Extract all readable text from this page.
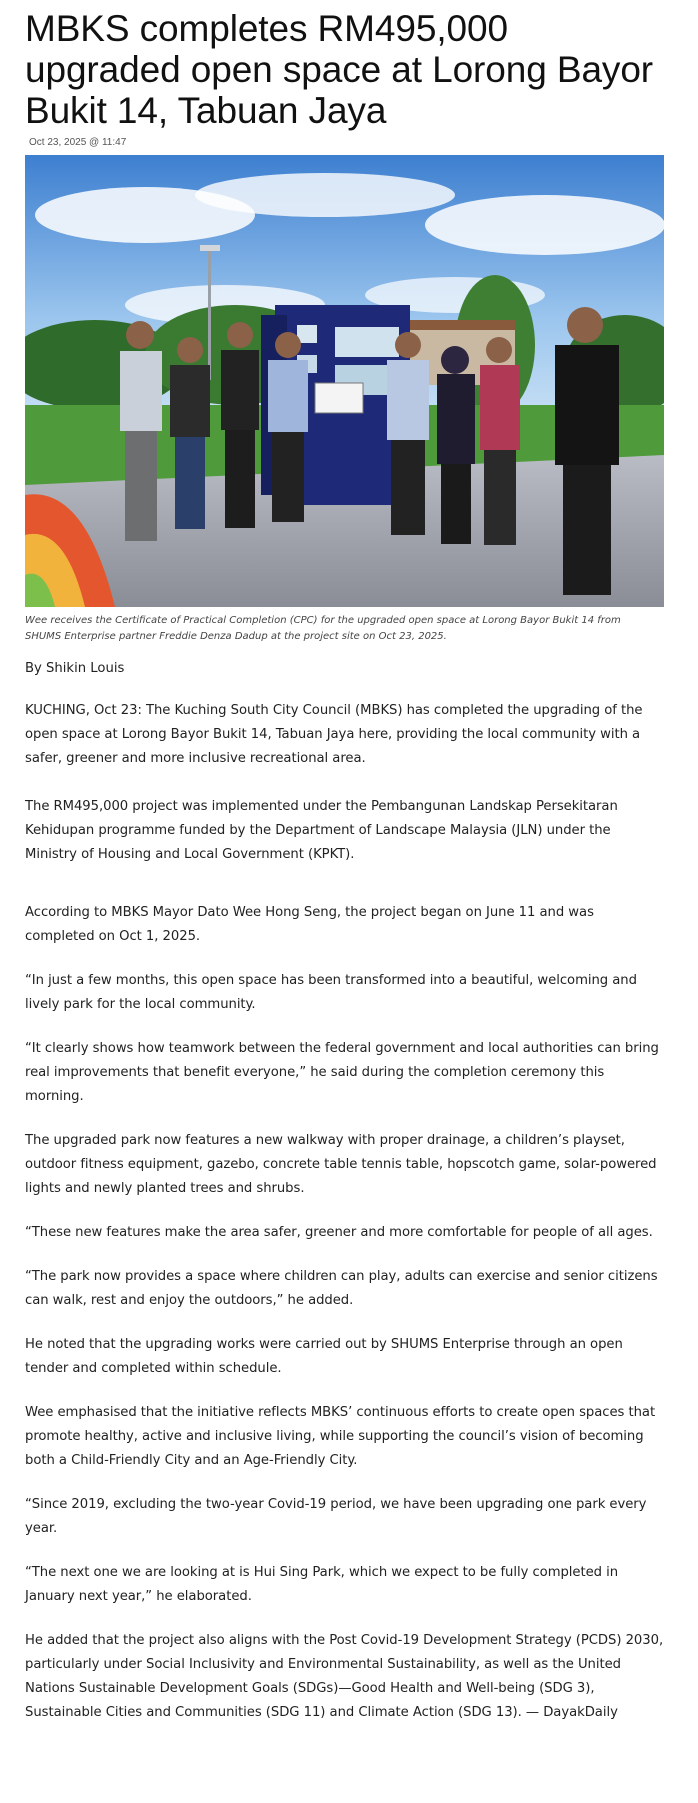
MBKS completes RM495,000 upgraded open space at Lorong Bayor Bukit 14, Tabuan Jaya
Oct 23, 2025 @ 11:47
Wee receives the Certificate of Practical Completion (CPC) for the upgraded open space at Lorong Bayor Bukit 14 from SHUMS Enterprise partner Freddie Denza Dadup at the project site on Oct 23, 2025.
By Shikin Louis

KUCHING, Oct 23: The Kuching South City Council (MBKS) has completed the upgrading of the open space at Lorong Bayor Bukit 14, Tabuan Jaya here, providing the local community with a safer, greener and more inclusive recreational area.

The RM495,000 project was implemented under the Pembangunan Landskap Persekitaran Kehidupan programme funded by the Department of Landscape Malaysia (JLN) under the Ministry of Housing and Local Government (KPKT).

According to MBKS Mayor Dato Wee Hong Seng, the project began on June 11 and was completed on Oct 1, 2025.

“In just a few months, this open space has been transformed into a beautiful, welcoming and lively park for the local community.

“It clearly shows how teamwork between the federal government and local authorities can bring real improvements that benefit everyone,” he said during the completion ceremony this morning.

The upgraded park now features a new walkway with proper drainage, a children’s playset, outdoor fitness equipment, gazebo, concrete table tennis table, hopscotch game, solar-powered lights and newly planted trees and shrubs.

“These new features make the area safer, greener and more comfortable for people of all ages.

“The park now provides a space where children can play, adults can exercise and senior citizens can walk, rest and enjoy the outdoors,” he added.

He noted that the upgrading works were carried out by SHUMS Enterprise through an open tender and completed within schedule.

Wee emphasised that the initiative reflects MBKS’ continuous efforts to create open spaces that promote healthy, active and inclusive living, while supporting the council’s vision of becoming both a Child-Friendly City and an Age-Friendly City.

“Since 2019, excluding the two-year Covid-19 period, we have been upgrading one park every year.

“The next one we are looking at is Hui Sing Park, which we expect to be fully completed in January next year,” he elaborated.

He added that the project also aligns with the Post Covid-19 Development Strategy (PCDS) 2030, particularly under Social Inclusivity and Environmental Sustainability, as well as the United Nations Sustainable Development Goals (SDGs)—Good Health and Well-being (SDG 3), Sustainable Cities and Communities (SDG 11) and Climate Action (SDG 13). — DayakDaily
